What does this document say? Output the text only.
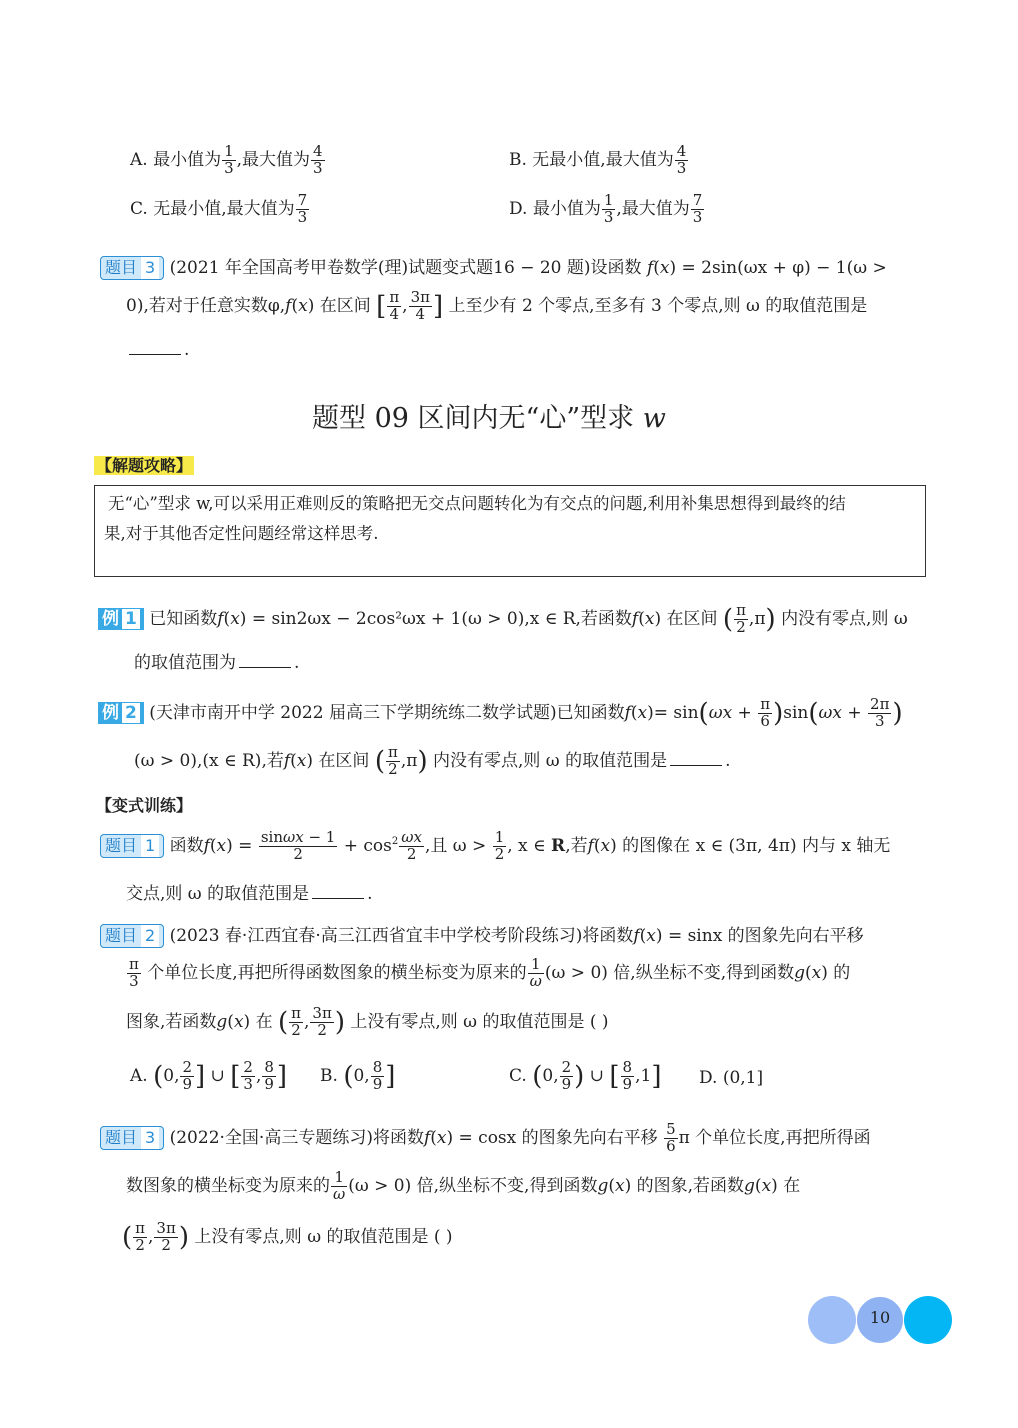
A. 最小值为 $\frac{1}{3}$ ,最大值为 $\frac{4}{3}$	B. 无最小值,最大值为 $\frac{4}{3}$
C. 无最小值,最大值为 $\frac{7}{3}$	D. 最小值为 $\frac{1}{3}$ ,最大值为 $\frac{7}{3}$
题目 3 (2021 年全国高考甲卷数学(理)试题变式题16 − 20 题)设函数 f(x) = 2sin(ωx + φ) − 1(ω >
0),若对于任意实数φ,f(x) 在区间 [ $\frac{\pi}{4}$ , $\frac{3\pi}{4}$ ] 上至少有 2 个零点,至多有 3 个零点,则 ω 的取值范围是
.
题型 09 区间内无“心”型求 w
【解题攻略】
无“心”型求 w,可以采用正难则反的策略把无交点问题转化为有交点的问题,利用补集思想得到最终的结
果,对于其他否定性问题经常这样思考.
例 1 已知函数f(x) = sin2ωx − 2cos²ωx + 1(ω > 0),x ∈ R,若函数f(x) 在区间 ( $\frac{\pi}{2} ,\pi$) 内没有零点,则 ω
的取值范围为	.
例 2 (天津市南开中学 2022 届高三下学期统练二数学试题)已知函数$f(x)= \sin(\omega x + \frac{\pi}{6} )\sin(\omega x + \frac{2\pi}{3}$ )
(ω > 0),(x ∈ R),若f(x) 在区间 ( $\frac{\pi}{2} ,\pi$) 内没有零点,则 ω 的取值范围是	.
【变式训练】
题目 1 函数$f(x) = \frac{\sin\omega x - 1}{2} + \cos^2 \frac{\omega x}{2}$ ,且 $\omega > \frac{1}{2}$ , x ∈ R,若f(x) 的图像在 x ∈ (3π, 4π) 内与 x 轴无
交点,则 ω 的取值范围是	.
题目 2 (2023 春·江西宜春·高三江西省宜丰中学校考阶段练习)将函数f(x) = sinx 的图象先向右平移
$\frac{\pi}{3}$ 个单位长度,再把所得函数图象的横坐标变为原来的 $\frac{1}{\omega} (\omega > 0)$ 倍,纵坐标不变,得到函数g(x) 的
图象,若函数g(x) 在 ( $\frac{\pi}{2}$ , $\frac{3\pi}{2}$ ) 上没有零点,则 ω 的取值范围是 ( )
A. (0, $\frac{2}{9}$ ] ∪ [ $\frac{2}{3}$ , $\frac{8}{9}$ ] B. (0, $\frac{8}{9}$ ]	C. (0, $\frac{2}{9}$ ) ∪ [ $\frac{8}{9} ,1$] D. (0,1]
题目 3 (2022·全国·高三专题练习)将函数f(x) = cosx 的图象先向右平移 $\frac{5}{6}$ π 个单位长度,再把所得函
数图象的横坐标变为原来的 $\frac{1}{\omega} (\omega > 0)$ 倍,纵坐标不变,得到函数g(x) 的图象,若函数g(x) 在
( $\frac{\pi}{2}$ , $\frac{3\pi}{2}$ ) 上没有零点,则 ω 的取值范围是 ( )
10
